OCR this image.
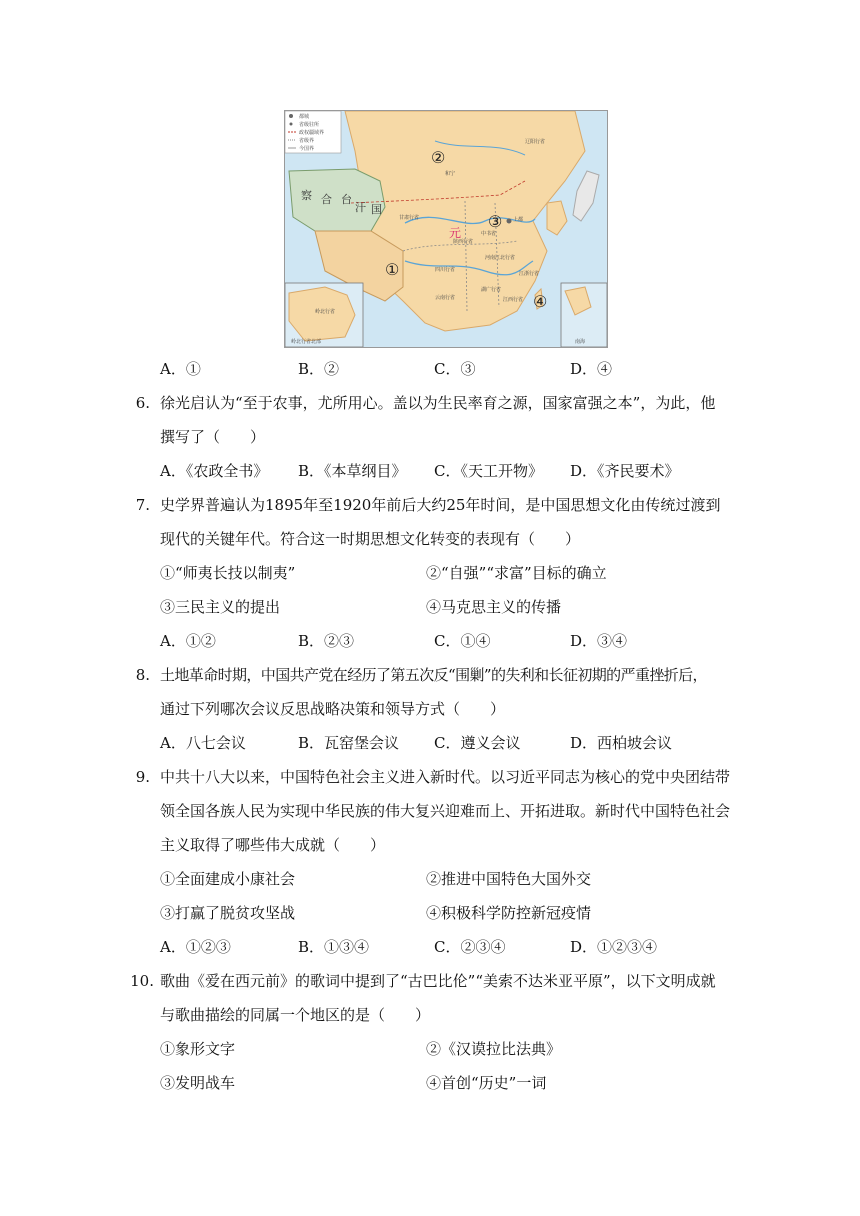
都城
省级驻所
政权疆域界
省级界
今国界
察 合 台
汗 国
和宁
上都
辽阳行省
甘肃行省
中书省
河南江北行省
陕西行省
四川行省
云南行省
湖广行省
江浙行省
江西行省
元
②
①
③
④
岭北行省北部
岭北行省
南海
A．①	B．②	C．③	D．④
6. 徐光启认为“至于农事，尤所用心。盖以为生民率育之源，国家富强之本”，为此，他
撰写了（　　）
A．《农政全书》 B．《本草纲目》 C．《天工开物》 D．《齐民要术》
7. 史学界普遍认为1895年至1920年前后大约25年时间，是中国思想文化由传统过渡到
现代的关键年代。符合这一时期思想文化转变的表现有（　　）
①“师夷长技以制夷”	②“自强”“求富”目标的确立
③三民主义的提出	④马克思主义的传播
A．①②	B．②③	C．①④	D．③④
8. 土地革命时期，中国共产党在经历了第五次反“围剿”的失利和长征初期的严重挫折后，
通过下列哪次会议反思战略决策和领导方式（　　）
A．八七会议	B．瓦窑堡会议 C．遵义会议	D．西柏坡会议
9. 中共十八大以来，中国特色社会主义进入新时代。以习近平同志为核心的党中央团结带
领全国各族人民为实现中华民族的伟大复兴迎难而上、开拓进取。新时代中国特色社会
主义取得了哪些伟大成就（　　）
①全面建成小康社会	②推进中国特色大国外交
③打赢了脱贫攻坚战	④积极科学防控新冠疫情
A．①②③	B．①③④	C．②③④	D．①②③④
10. 歌曲《爱在西元前》的歌词中提到了“古巴比伦”“美索不达米亚平原”，以下文明成就
与歌曲描绘的同属一个地区的是（　　）
①象形文字	②《汉谟拉比法典》
③发明战车	④首创“历史”一词
